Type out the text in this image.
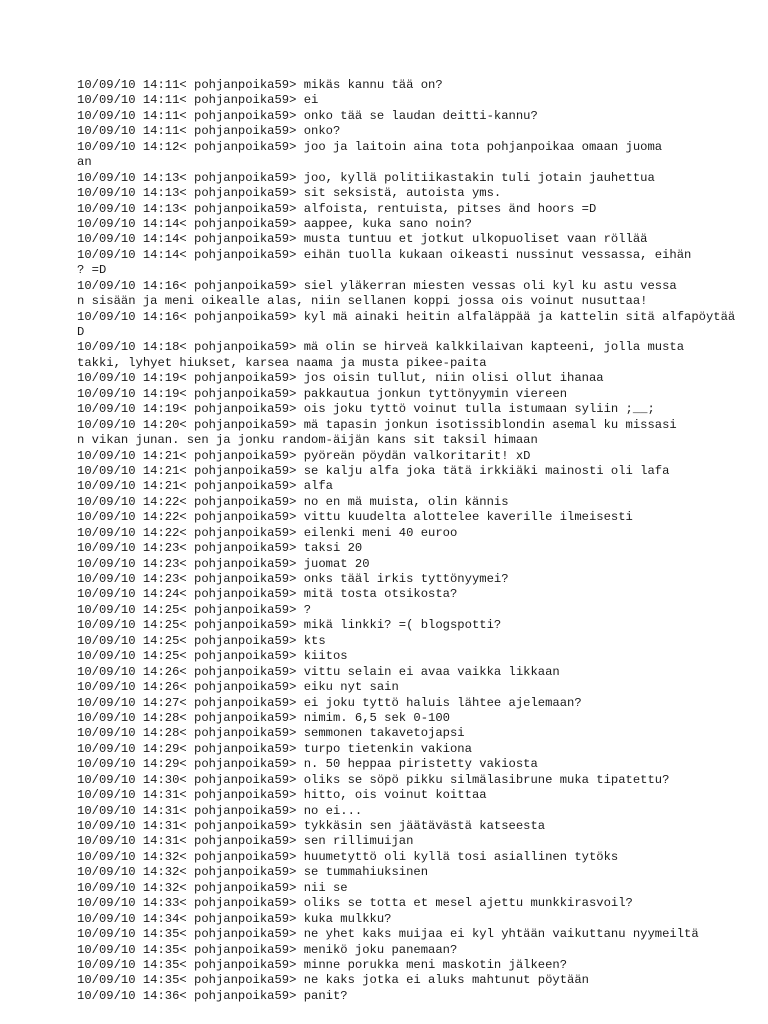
10/09/10 14:11< pohjanpoika59> mikäs kannu tää on?
10/09/10 14:11< pohjanpoika59> ei
10/09/10 14:11< pohjanpoika59> onko tää se laudan deitti-kannu?
10/09/10 14:11< pohjanpoika59> onko?
10/09/10 14:12< pohjanpoika59> joo ja laitoin aina tota pohjanpoikaa omaan juoma
an
10/09/10 14:13< pohjanpoika59> joo, kyllä politiikastakin tuli jotain jauhettua
10/09/10 14:13< pohjanpoika59> sit seksistä, autoista yms.
10/09/10 14:13< pohjanpoika59> alfoista, rentuista, pitses änd hoors =D
10/09/10 14:14< pohjanpoika59> aappee, kuka sano noin?
10/09/10 14:14< pohjanpoika59> musta tuntuu et jotkut ulkopuoliset vaan röllää
10/09/10 14:14< pohjanpoika59> eihän tuolla kukaan oikeasti nussinut vessassa, eihän
? =D
10/09/10 14:16< pohjanpoika59> siel yläkerran miesten vessas oli kyl ku astu vessa
n sisään ja meni oikealle alas, niin sellanen koppi jossa ois voinut nusuttaa!
10/09/10 14:16< pohjanpoika59> kyl mä ainaki heitin alfaläppää ja kattelin sitä alfapöytää
D
10/09/10 14:18< pohjanpoika59> mä olin se hirveä kalkkilaivan kapteeni, jolla musta
takki, lyhyet hiukset, karsea naama ja musta pikee-paita
10/09/10 14:19< pohjanpoika59> jos oisin tullut, niin olisi ollut ihanaa
10/09/10 14:19< pohjanpoika59> pakkautua jonkun tyttönyymin viereen
10/09/10 14:19< pohjanpoika59> ois joku tyttö voinut tulla istumaan syliin ;__;
10/09/10 14:20< pohjanpoika59> mä tapasin jonkun isotissiblondin asemal ku missasi
n vikan junan. sen ja jonku random-äijän kans sit taksil himaan
10/09/10 14:21< pohjanpoika59> pyöreän pöydän valkoritarit! xD
10/09/10 14:21< pohjanpoika59> se kalju alfa joka tätä irkkiäki mainosti oli lafa
10/09/10 14:21< pohjanpoika59> alfa
10/09/10 14:22< pohjanpoika59> no en mä muista, olin kännis
10/09/10 14:22< pohjanpoika59> vittu kuudelta alottelee kaverille ilmeisesti
10/09/10 14:22< pohjanpoika59> eilenki meni 40 euroo
10/09/10 14:23< pohjanpoika59> taksi 20
10/09/10 14:23< pohjanpoika59> juomat 20
10/09/10 14:23< pohjanpoika59> onks tääl irkis tyttönyymei?
10/09/10 14:24< pohjanpoika59> mitä tosta otsikosta?
10/09/10 14:25< pohjanpoika59> ?
10/09/10 14:25< pohjanpoika59> mikä linkki? =( blogspotti?
10/09/10 14:25< pohjanpoika59> kts
10/09/10 14:25< pohjanpoika59> kiitos
10/09/10 14:26< pohjanpoika59> vittu selain ei avaa vaikka likkaan
10/09/10 14:26< pohjanpoika59> eiku nyt sain
10/09/10 14:27< pohjanpoika59> ei joku tyttö haluis lähtee ajelemaan?
10/09/10 14:28< pohjanpoika59> nimim. 6,5 sek 0-100
10/09/10 14:28< pohjanpoika59> semmonen takavetojapsi
10/09/10 14:29< pohjanpoika59> turpo tietenkin vakiona
10/09/10 14:29< pohjanpoika59> n. 50 heppaa piristetty vakiosta
10/09/10 14:30< pohjanpoika59> oliks se söpö pikku silmälasibrune muka tipatettu?
10/09/10 14:31< pohjanpoika59> hitto, ois voinut koittaa
10/09/10 14:31< pohjanpoika59> no ei...
10/09/10 14:31< pohjanpoika59> tykkäsin sen jäätävästä katseesta
10/09/10 14:31< pohjanpoika59> sen rillimuijan
10/09/10 14:32< pohjanpoika59> huumetyttö oli kyllä tosi asiallinen tytöks
10/09/10 14:32< pohjanpoika59> se tummahiuksinen
10/09/10 14:32< pohjanpoika59> nii se
10/09/10 14:33< pohjanpoika59> oliks se totta et mesel ajettu munkkirasvoil?
10/09/10 14:34< pohjanpoika59> kuka mulkku?
10/09/10 14:35< pohjanpoika59> ne yhet kaks muijaa ei kyl yhtään vaikuttanu nyymeiltä
10/09/10 14:35< pohjanpoika59> menikö joku panemaan?
10/09/10 14:35< pohjanpoika59> minne porukka meni maskotin jälkeen?
10/09/10 14:35< pohjanpoika59> ne kaks jotka ei aluks mahtunut pöytään
10/09/10 14:36< pohjanpoika59> panit?
